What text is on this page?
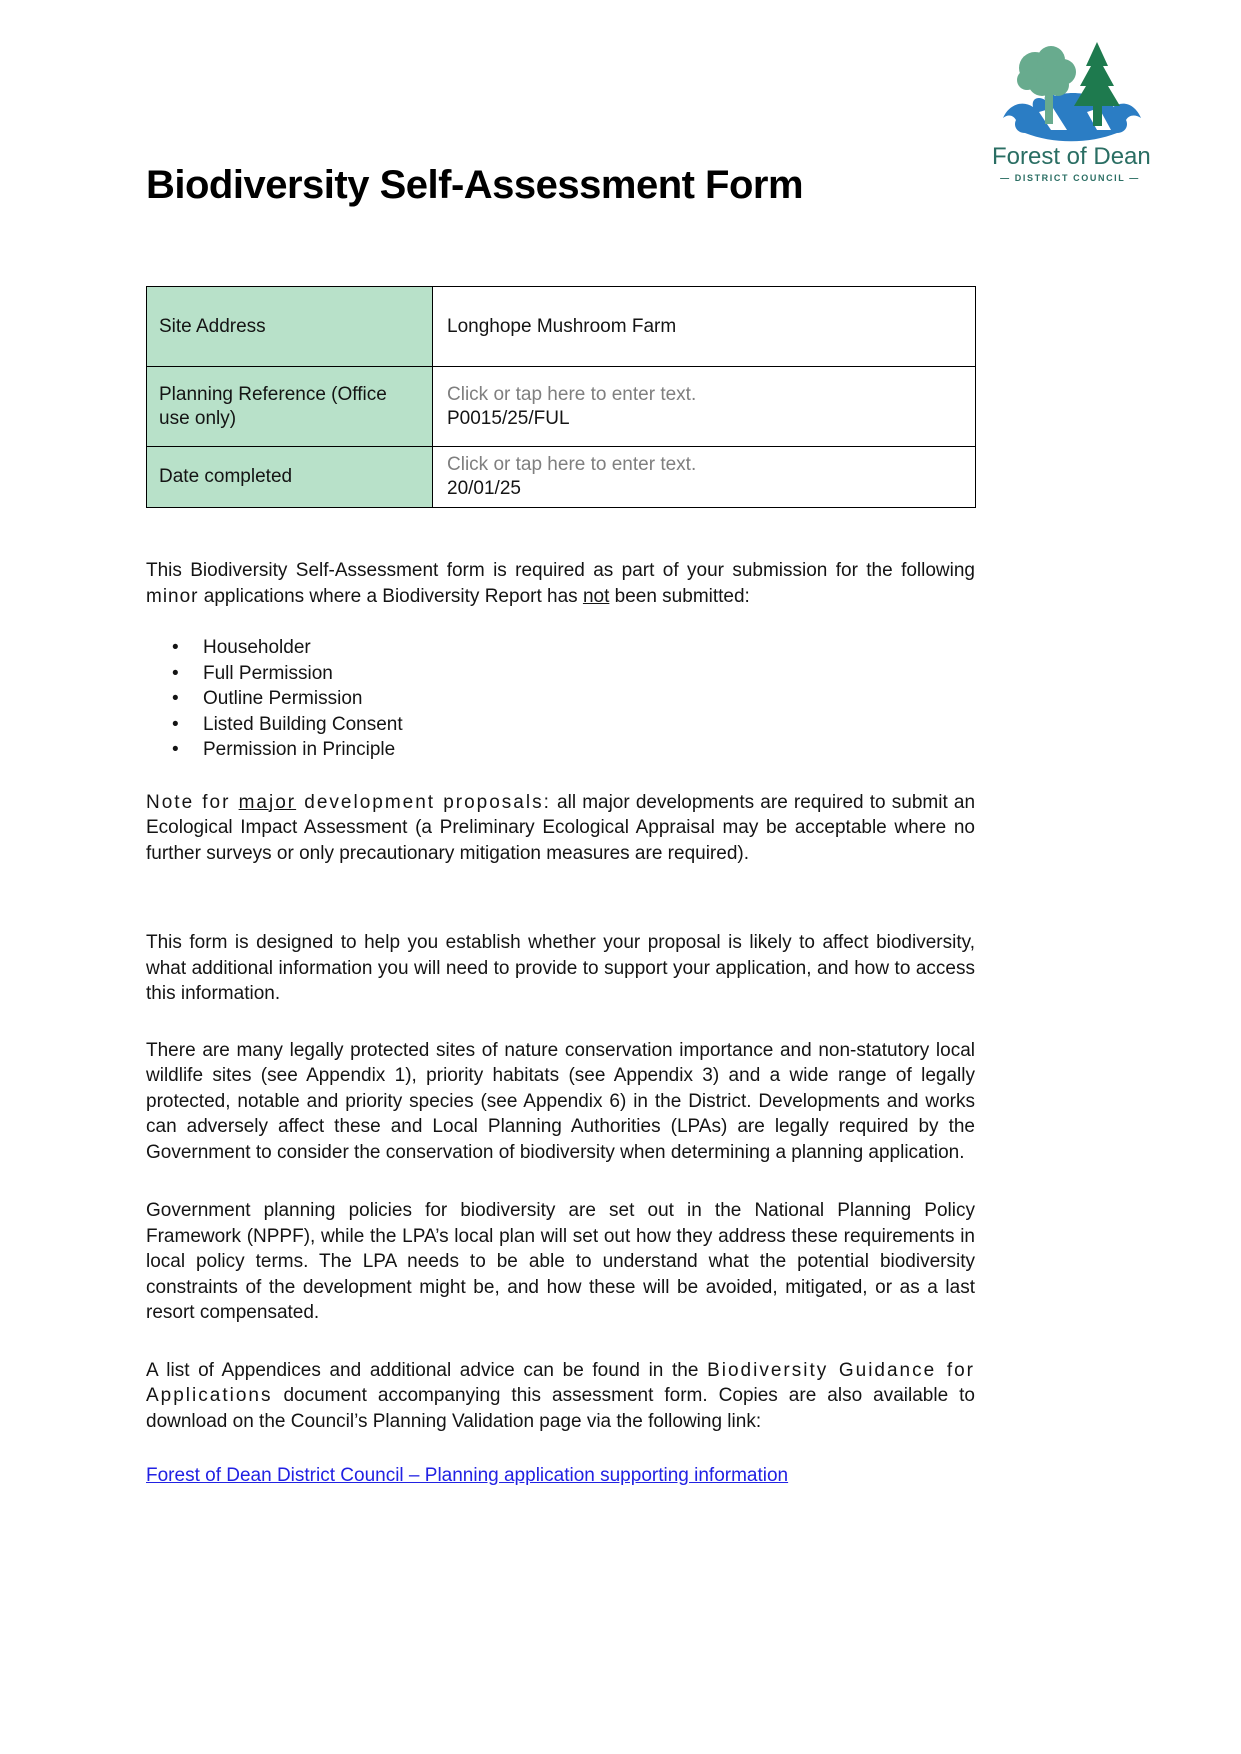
Forest of Dean
— DISTRICT COUNCIL —
Biodiversity Self-Assessment Form
Site Address	Longhope Mushroom Farm

Planning Reference (Office use only)	Click or tap here to enter text.
P0015/25/FUL

Date completed	Click or tap here to enter text.
20/01/25

This Biodiversity Self-Assessment form is required as part of your submission for the following minor applications where a Biodiversity Report has not been submitted:

• Householder
• Full Permission
• Outline Permission
• Listed Building Consent
• Permission in Principle

Note for major development proposals: all major developments are required to submit an Ecological Impact Assessment (a Preliminary Ecological Appraisal may be acceptable where no further surveys or only precautionary mitigation measures are required).

This form is designed to help you establish whether your proposal is likely to affect biodiversity, what additional information you will need to provide to support your application, and how to access this information.

There are many legally protected sites of nature conservation importance and non-statutory local wildlife sites (see Appendix 1), priority habitats (see Appendix 3) and a wide range of legally protected, notable and priority species (see Appendix 6) in the District. Developments and works can adversely affect these and Local Planning Authorities (LPAs) are legally required by the Government to consider the conservation of biodiversity when determining a planning application.

Government planning policies for biodiversity are set out in the National Planning Policy Framework (NPPF), while the LPA’s local plan will set out how they address these requirements in local policy terms. The LPA needs to be able to understand what the potential biodiversity constraints of the development might be, and how these will be avoided, mitigated, or as a last resort compensated.

A list of Appendices and additional advice can be found in the Biodiversity Guidance for Applications document accompanying this assessment form. Copies are also available to download on the Council’s Planning Validation page via the following link:

Forest of Dean District Council – Planning application supporting information
